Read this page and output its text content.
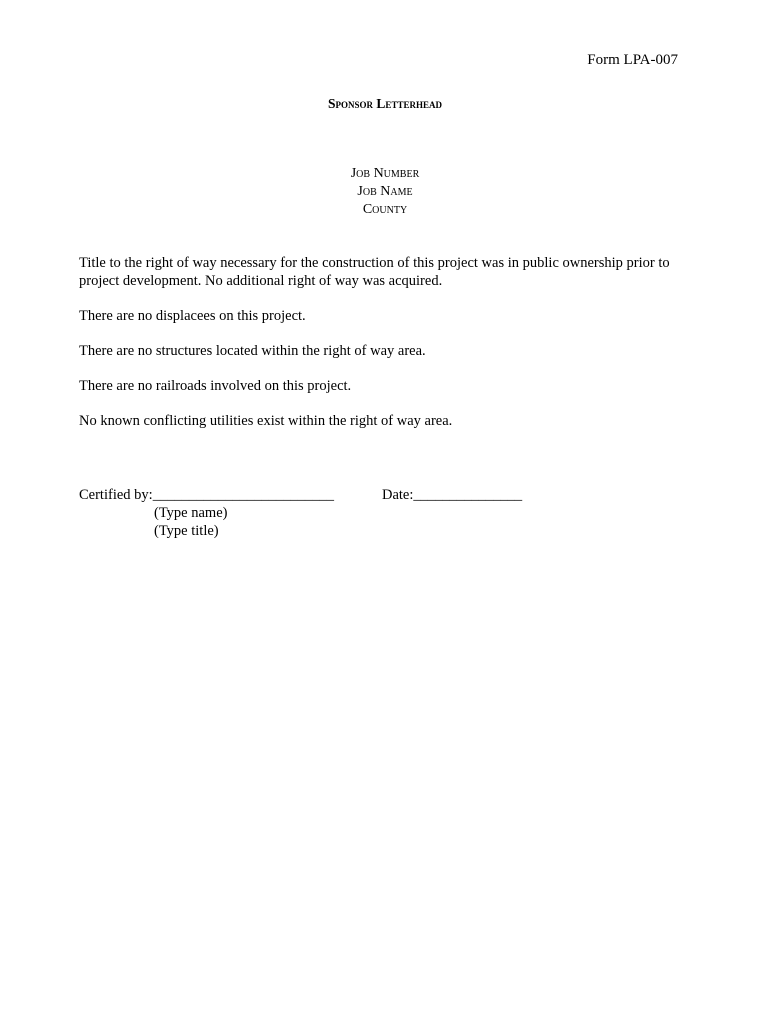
Form LPA-007
Sponsor Letterhead
Job Number
Job Name
County

Title to the right of way necessary for the construction of this project was in public ownership prior to project development. No additional right of way was acquired.

There are no displacees on this project.

There are no structures located within the right of way area.

There are no railroads involved on this project.

No known conflicting utilities exist within the right of way area.

Certified by:_________________________	Date:_______________
(Type name)
(Type title)
